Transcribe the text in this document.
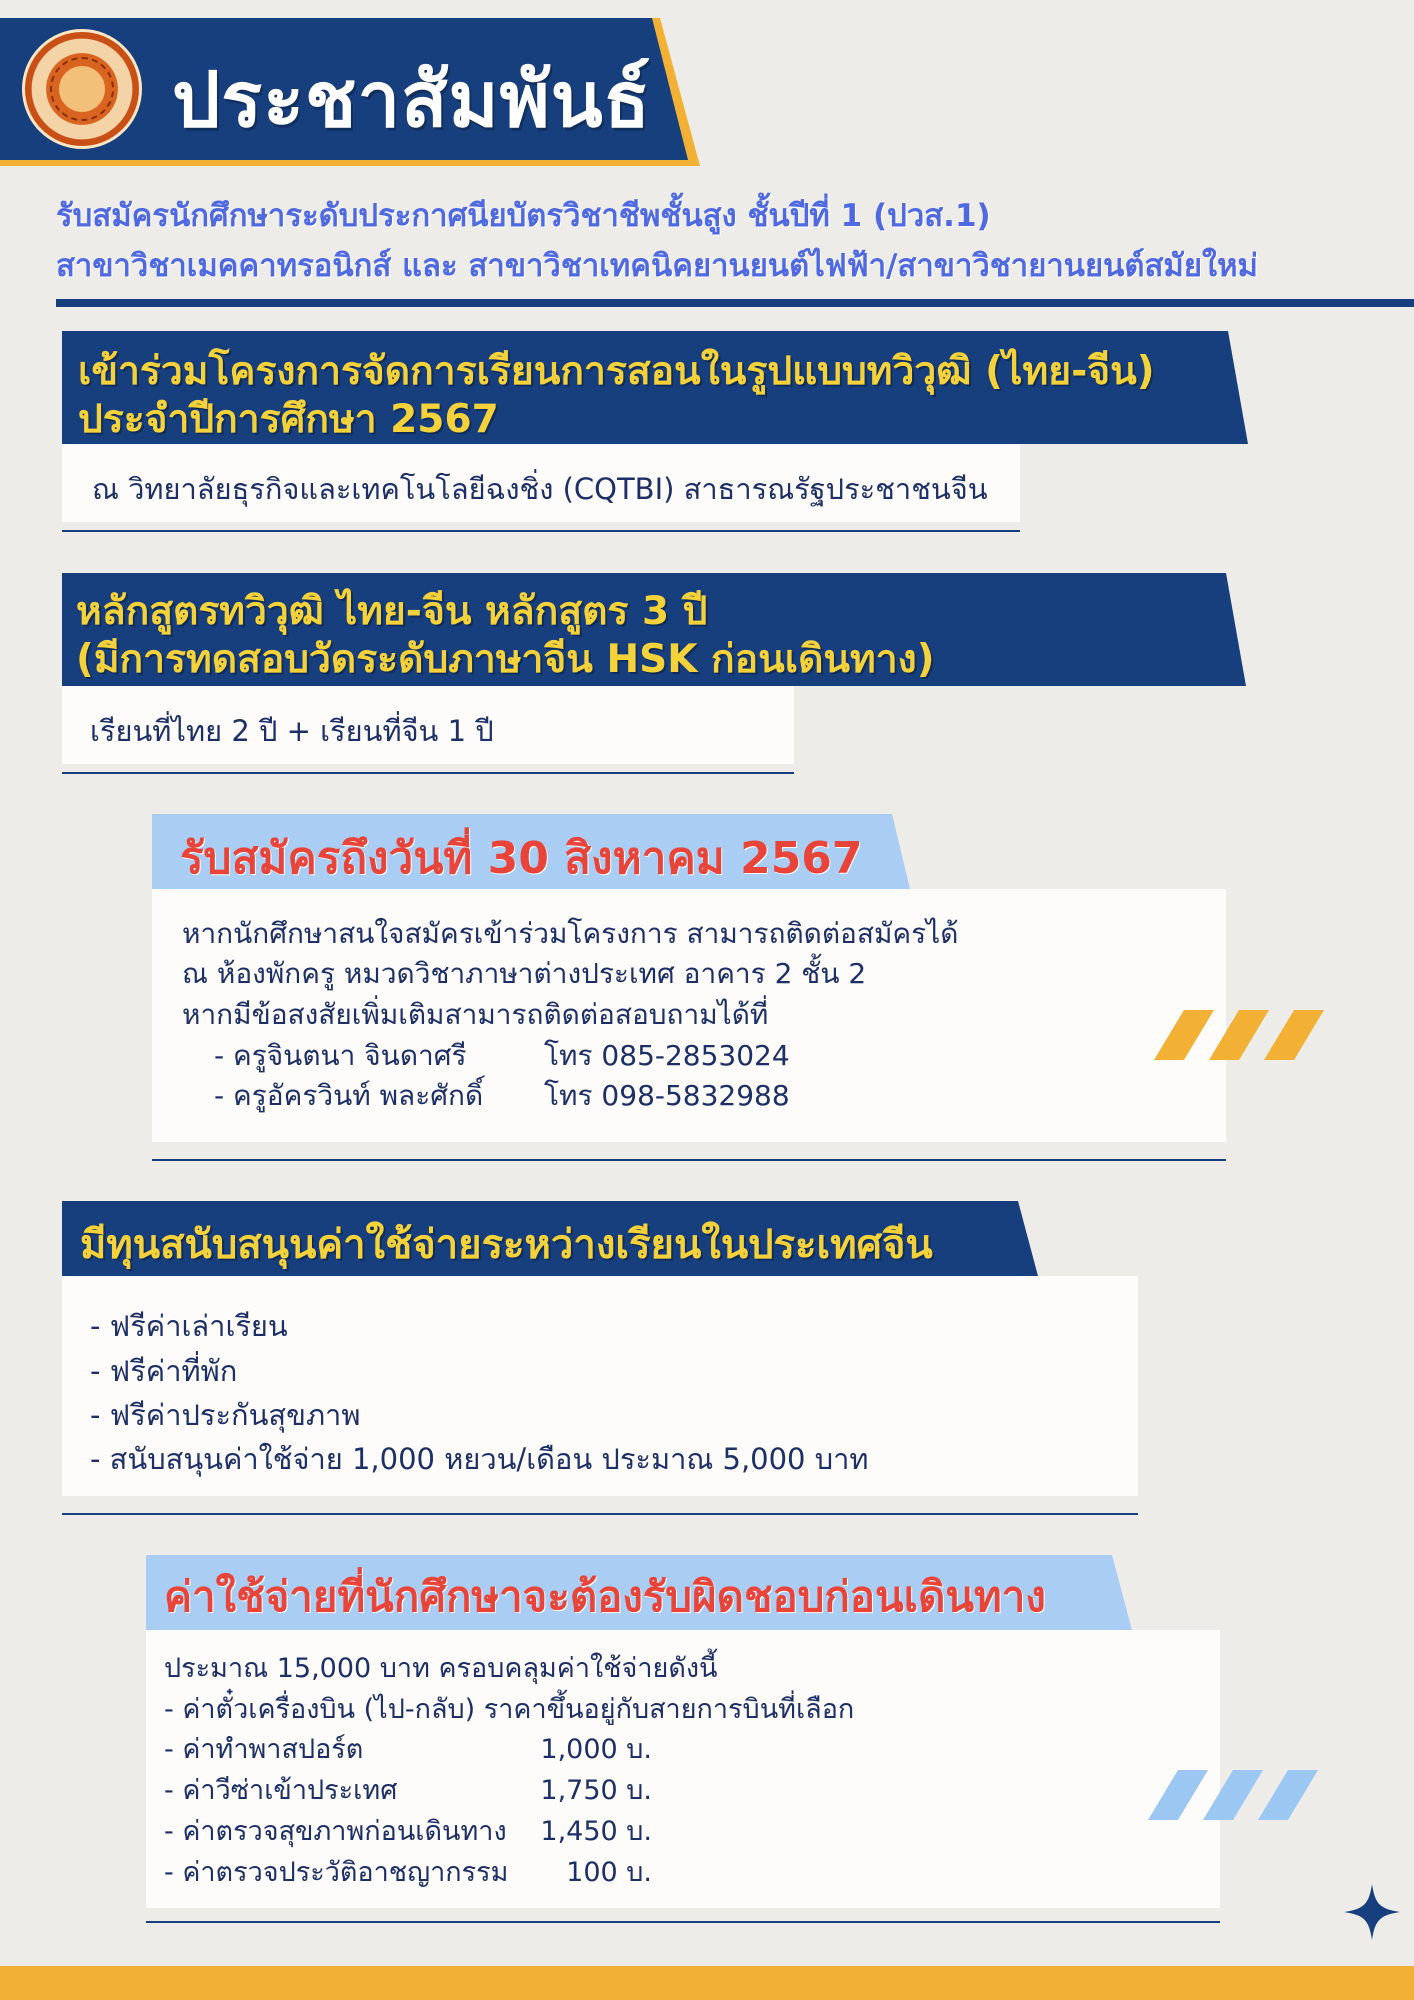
ประชาสัมพันธ์
รับสมัครนักศึกษาระดับประกาศนียบัตรวิชาชีพชั้นสูง ชั้นปีที่ 1 (ปวส.1)
สาขาวิชาเมคคาทรอนิกส์ และ สาขาวิชาเทคนิคยานยนต์ไฟฟ้า/สาขาวิชายานยนต์สมัยใหม่
เข้าร่วมโครงการจัดการเรียนการสอนในรูปแบบทวิวุฒิ (ไทย-จีน)
ประจำปีการศึกษา 2567
ณ วิทยาลัยธุรกิจและเทคโนโลยีฉงชิ่ง (CQTBI) สาธารณรัฐประชาชนจีน
หลักสูตรทวิวุฒิ ไทย-จีน หลักสูตร 3 ปี
(มีการทดสอบวัดระดับภาษาจีน HSK ก่อนเดินทาง)
เรียนที่ไทย 2 ปี + เรียนที่จีน 1 ปี
รับสมัครถึงวันที่ 30 สิงหาคม 2567
หากนักศึกษาสนใจสมัครเข้าร่วมโครงการ สามารถติดต่อสมัครได้
ณ ห้องพักครู หมวดวิชาภาษาต่างประเทศ อาคาร 2 ชั้น 2
หากมีข้อสงสัยเพิ่มเติมสามารถติดต่อสอบถามได้ที่
- ครูจินตนา จินดาศรี	โทร 085-2853024
- ครูอัครวินท์ พละศักดิ์ โทร 098-5832988
มีทุนสนับสนุนค่าใช้จ่ายระหว่างเรียนในประเทศจีน
- ฟรีค่าเล่าเรียน
- ฟรีค่าที่พัก
- ฟรีค่าประกันสุขภาพ
- สนับสนุนค่าใช้จ่าย 1,000 หยวน/เดือน ประมาณ 5,000 บาท
ค่าใช้จ่ายที่นักศึกษาจะต้องรับผิดชอบก่อนเดินทาง
ประมาณ 15,000 บาท ครอบคลุมค่าใช้จ่ายดังนี้
- ค่าตั๋วเครื่องบิน (ไป-กลับ) ราคาขึ้นอยู่กับสายการบินที่เลือก
- ค่าทำพาสปอร์ต	1,000 บ.
- ค่าวีซ่าเข้าประเทศ	1,750 บ.
- ค่าตรวจสุขภาพก่อนเดินทาง	1,450 บ.
- ค่าตรวจประวัติอาชญากรรม	100 บ.
